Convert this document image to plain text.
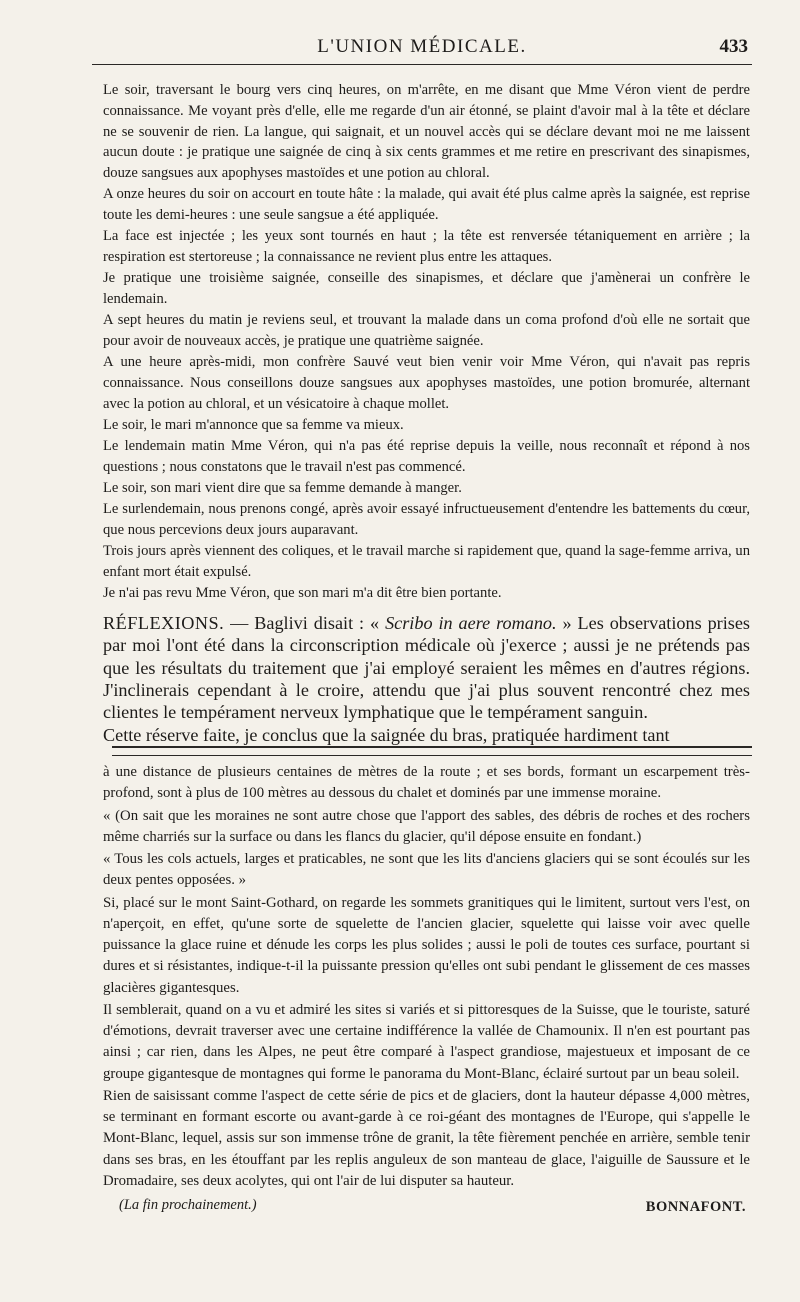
L'UNION MÉDICALE.	433

Le soir, traversant le bourg vers cinq heures, on m'arrête, en me disant que Mme Véron vient de perdre connaissance. Me voyant près d'elle, elle me regarde d'un air étonné, se plaint d'avoir mal à la tête et déclare ne se souvenir de rien. La langue, qui saignait, et un nouvel accès qui se déclare devant moi ne me laissent aucun doute : je pratique une saignée de cinq à six cents grammes et me retire en prescrivant des sinapismes, douze sangsues aux apophyses mastoïdes et une potion au chloral.

A onze heures du soir on accourt en toute hâte : la malade, qui avait été plus calme après la saignée, est reprise toute les demi-heures : une seule sangsue a été appliquée.

La face est injectée ; les yeux sont tournés en haut ; la tête est renversée tétaniquement en arrière ; la respiration est stertoreuse ; la connaissance ne revient plus entre les attaques.

Je pratique une troisième saignée, conseille des sinapismes, et déclare que j'amènerai un confrère le lendemain.

A sept heures du matin je reviens seul, et trouvant la malade dans un coma profond d'où elle ne sortait que pour avoir de nouveaux accès, je pratique une quatrième saignée.

A une heure après-midi, mon confrère Sauvé veut bien venir voir Mme Véron, qui n'avait pas repris connaissance. Nous conseillons douze sangsues aux apophyses mastoïdes, une potion bromurée, alternant avec la potion au chloral, et un vésicatoire à chaque mollet.

Le soir, le mari m'annonce que sa femme va mieux.

Le lendemain matin Mme Véron, qui n'a pas été reprise depuis la veille, nous reconnaît et répond à nos questions ; nous constatons que le travail n'est pas commencé.

Le soir, son mari vient dire que sa femme demande à manger.

Le surlendemain, nous prenons congé, après avoir essayé infructueusement d'entendre les battements du cœur, que nous percevions deux jours auparavant.

Trois jours après viennent des coliques, et le travail marche si rapidement que, quand la sage-femme arriva, un enfant mort était expulsé.

Je n'ai pas revu Mme Véron, que son mari m'a dit être bien portante.

RÉFLEXIONS. — Baglivi disait : « Scribo in aere romano. » Les observations prises par moi l'ont été dans la circonscription médicale où j'exerce ; aussi je ne prétends pas que les résultats du traitement que j'ai employé seraient les mêmes en d'autres régions. J'inclinerais cependant à le croire, attendu que j'ai plus souvent rencontré chez mes clientes le tempérament nerveux lymphatique que le tempérament sanguin.
Cette réserve faite, je conclus que la saignée du bras, pratiquée hardiment tant

à une distance de plusieurs centaines de mètres de la route ; et ses bords, formant un escarpement très-profond, sont à plus de 100 mètres au dessous du chalet et dominés par une immense moraine.

« (On sait que les moraines ne sont autre chose que l'apport des sables, des débris de roches et des rochers même charriés sur la surface ou dans les flancs du glacier, qu'il dépose ensuite en fondant.)

« Tous les cols actuels, larges et praticables, ne sont que les lits d'anciens glaciers qui se sont écoulés sur les deux pentes opposées. »

Si, placé sur le mont Saint-Gothard, on regarde les sommets granitiques qui le limitent, surtout vers l'est, on n'aperçoit, en effet, qu'une sorte de squelette de l'ancien glacier, squelette qui laisse voir avec quelle puissance la glace ruine et dénude les corps les plus solides ; aussi le poli de toutes ces surface, pourtant si dures et si résistantes, indique-t-il la puissante pression qu'elles ont subi pendant le glissement de ces masses glacières gigantesques.

Il semblerait, quand on a vu et admiré les sites si variés et si pittoresques de la Suisse, que le touriste, saturé d'émotions, devrait traverser avec une certaine indifférence la vallée de Chamounix. Il n'en est pourtant pas ainsi ; car rien, dans les Alpes, ne peut être comparé à l'aspect grandiose, majestueux et imposant de ce groupe gigantesque de montagnes qui forme le panorama du Mont-Blanc, éclairé surtout par un beau soleil.

Rien de saisissant comme l'aspect de cette série de pics et de glaciers, dont la hauteur dépasse 4,000 mètres, se terminant en formant escorte ou avant-garde à ce roi-géant des montagnes de l'Europe, qui s'appelle le Mont-Blanc, lequel, assis sur son immense trône de granit, la tête fièrement penchée en arrière, semble tenir dans ses bras, en les étouffant par les replis anguleux de son manteau de glace, l'aiguille de Saussure et le Dromadaire, ses deux acolytes, qui ont l'air de lui disputer sa hauteur.

(La fin prochainement.)	BONNAFONT.
